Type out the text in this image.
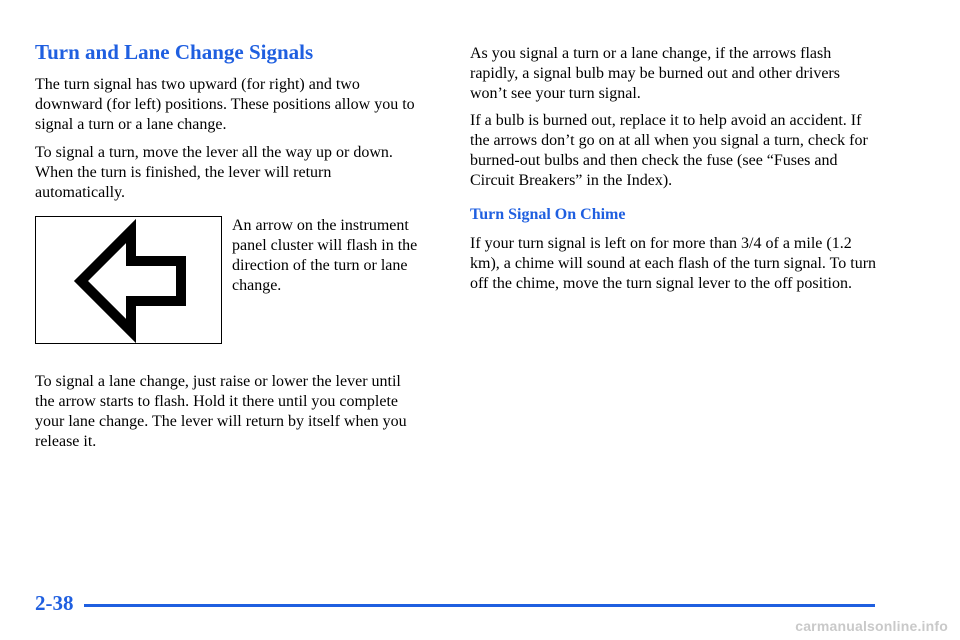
Turn and Lane Change Signals

The turn signal has two upward (for right) and two downward (for left) positions. These positions allow you to signal a turn or a lane change.

To signal a turn, move the lever all the way up or down. When the turn is finished, the lever will return automatically.

An arrow on the instrument panel cluster will flash in the direction of the turn or lane change.

To signal a lane change, just raise or lower the lever until the arrow starts to flash. Hold it there until you complete your lane change. The lever will return by itself when you release it.

As you signal a turn or a lane change, if the arrows flash rapidly, a signal bulb may be burned out and other drivers won’t see your turn signal.

If a bulb is burned out, replace it to help avoid an accident. If the arrows don’t go on at all when you signal a turn, check for burned-out bulbs and then check the fuse (see “Fuses and Circuit Breakers” in the Index).

Turn Signal On Chime

If your turn signal is left on for more than 3/4 of a mile (1.2 km), a chime will sound at each flash of the turn signal. To turn off the chime, move the turn signal lever to the off position.

2-38

carmanualsonline.info
